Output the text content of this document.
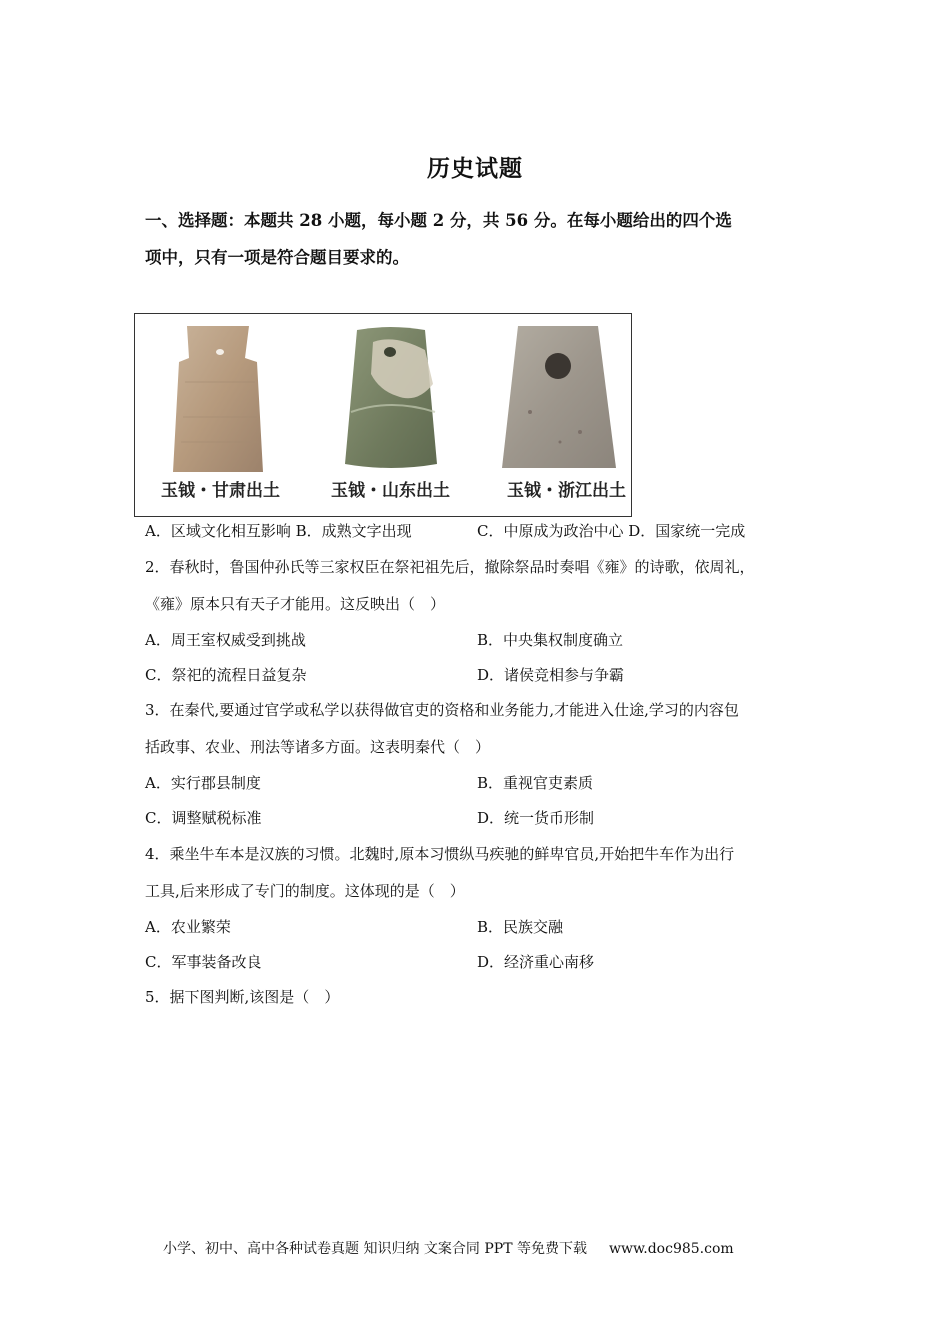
历史试题
一、选择题：本题共 28 小题，每小题 2 分，共 56 分。在每小题给出的四个选
项中，只有一项是符合题目要求的。
玉钺・甘肃出土	玉钺・山东出土	玉钺・浙江出土
A．区域文化相互影响 B．成熟文字出现	C．中原成为政治中心 D．国家统一完成
2．春秋时，鲁国仲孙氏等三家权臣在祭祀祖先后，撤除祭品时奏唱《雍》的诗歌，依周礼，
《雍》原本只有天子才能用。这反映出（　）
A．周王室权威受到挑战	B．中央集权制度确立
C．祭祀的流程日益复杂	D．诸侯竞相参与争霸
3．在秦代,要通过官学或私学以获得做官吏的资格和业务能力,才能进入仕途,学习的内容包
括政事、农业、刑法等诸多方面。这表明秦代（　）
A．实行郡县制度	B．重视官吏素质
C．调整赋税标准	D．统一货币形制
4．乘坐牛车本是汉族的习惯。北魏时,原本习惯纵马疾驰的鲜卑官员,开始把牛车作为出行
工具,后来形成了专门的制度。这体现的是（　）
A．农业繁荣	B．民族交融
C．军事装备改良	D．经济重心南移
5．据下图判断,该图是（　）
小学、初中、高中各种试卷真题 知识归纳 文案合同 PPT 等免费下载 www.doc985.com
